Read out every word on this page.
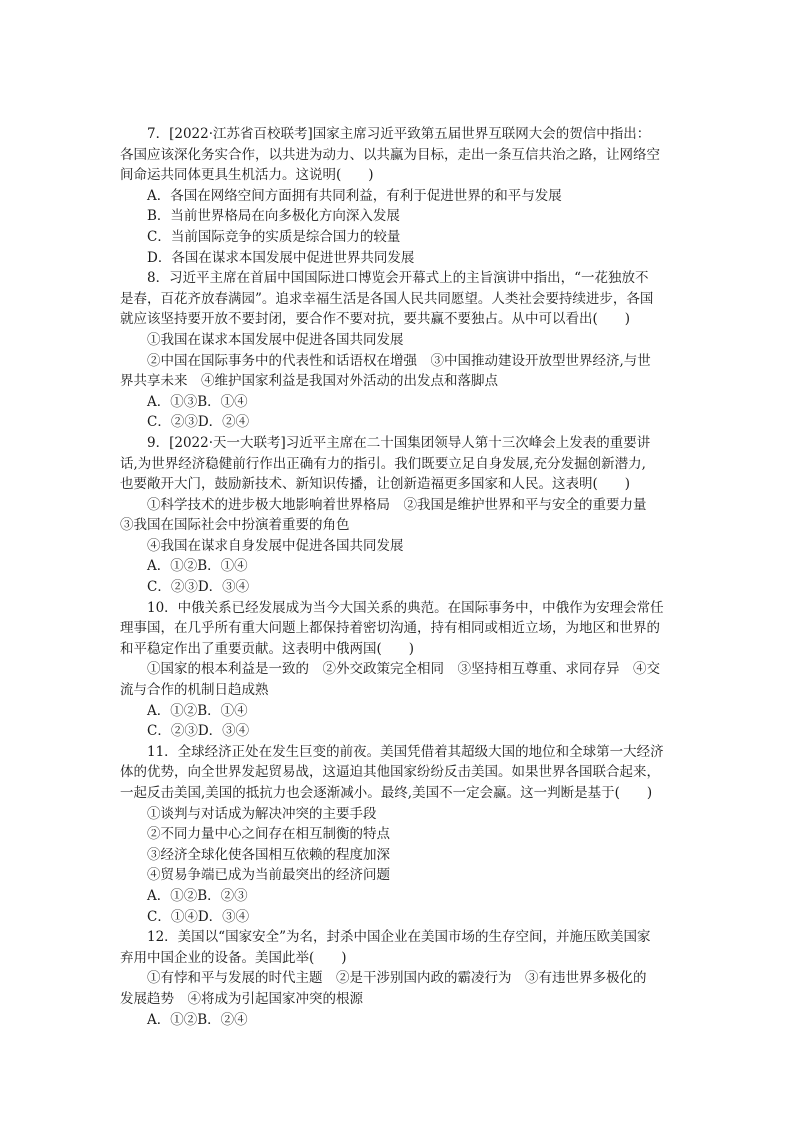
7．[2022·江苏省百校联考]国家主席习近平致第五届世界互联网大会的贺信中指出：
各国应该深化务实合作，以共进为动力、以共赢为目标，走出一条互信共治之路，让网络空
间命运共同体更具生机活力。这说明(　　)
A．各国在网络空间方面拥有共同利益，有利于促进世界的和平与发展
B．当前世界格局在向多极化方向深入发展
C．当前国际竞争的实质是综合国力的较量
D．各国在谋求本国发展中促进世界共同发展
8．习近平主席在首届中国国际进口博览会开幕式上的主旨演讲中指出，“一花独放不
是春，百花齐放春满园”。追求幸福生活是各国人民共同愿望。人类社会要持续进步，各国
就应该坚持要开放不要封闭，要合作不要对抗，要共赢不要独占。从中可以看出(　　)
①我国在谋求本国发展中促进各国共同发展
②中国在国际事务中的代表性和话语权在增强　③中国推动建设开放型世界经济,与世
界共享未来　④维护国家利益是我国对外活动的出发点和落脚点
A．①③B．①④
C．②③D．②④
9．[2022·天一大联考]习近平主席在二十国集团领导人第十三次峰会上发表的重要讲
话,为世界经济稳健前行作出正确有力的指引。我们既要立足自身发展,充分发掘创新潜力,
也要敞开大门，鼓励新技术、新知识传播，让创新造福更多国家和人民。这表明(　　)
①科学技术的进步极大地影响着世界格局　②我国是维护世界和平与安全的重要力量
③我国在国际社会中扮演着重要的角色
④我国在谋求自身发展中促进各国共同发展
A．①②B．①④
C．②③D．③④
10．中俄关系已经发展成为当今大国关系的典范。在国际事务中，中俄作为安理会常任
理事国，在几乎所有重大问题上都保持着密切沟通，持有相同或相近立场，为地区和世界的
和平稳定作出了重要贡献。这表明中俄两国(　　)
①国家的根本利益是一致的　②外交政策完全相同　③坚持相互尊重、求同存异　④交
流与合作的机制日趋成熟
A．①②B．①④
C．②③D．③④
11．全球经济正处在发生巨变的前夜。美国凭借着其超级大国的地位和全球第一大经济
体的优势，向全世界发起贸易战，这逼迫其他国家纷纷反击美国。如果世界各国联合起来，
一起反击美国,美国的抵抗力也会逐渐减小。最终,美国不一定会赢。这一判断是基于(　　)
①谈判与对话成为解决冲突的主要手段
②不同力量中心之间存在相互制衡的特点
③经济全球化使各国相互依赖的程度加深
④贸易争端已成为当前最突出的经济问题
A．①②B．②③
C．①④D．③④
12．美国以“国家安全”为名，封杀中国企业在美国市场的生存空间，并施压欧美国家
弃用中国企业的设备。美国此举(　　)
①有悖和平与发展的时代主题　②是干涉别国内政的霸凌行为　③有违世界多极化的
发展趋势　④将成为引起国家冲突的根源
A．①②B．②④
